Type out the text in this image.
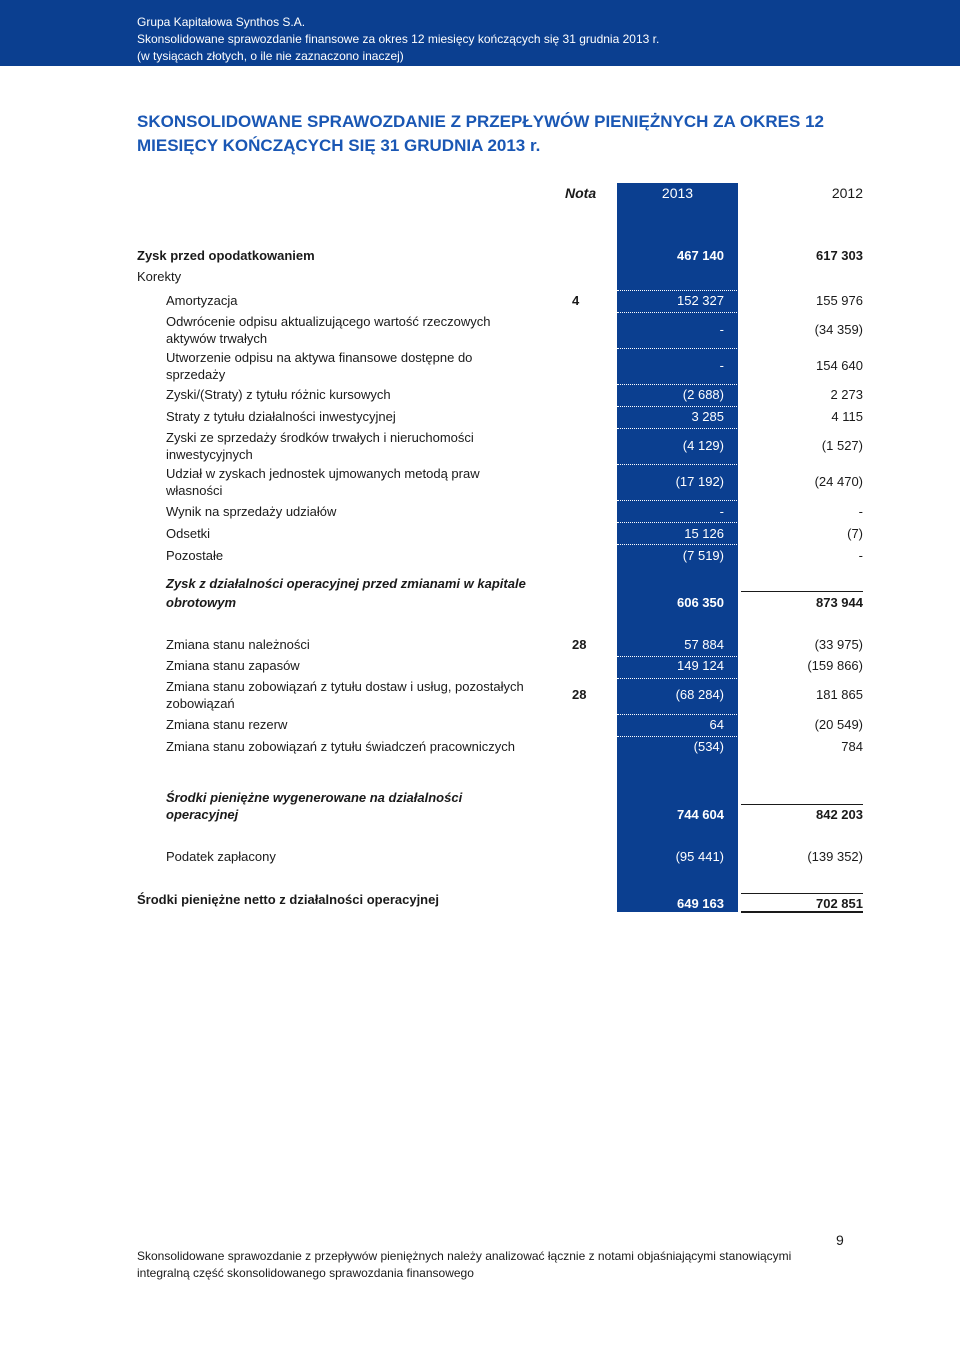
Grupa Kapitałowa Synthos S.A.
Skonsolidowane sprawozdanie finansowe za okres 12 miesięcy kończących się 31 grudnia 2013 r.
(w tysiącach złotych, o ile nie zaznaczono inaczej)
SKONSOLIDOWANE SPRAWOZDANIE Z PRZEPŁYWÓW PIENIĘŻNYCH ZA OKRES 12 MIESIĘCY KOŃCZĄCYCH SIĘ 31 GRUDNIA 2013 r.
Nota	2013	2012
Zysk przed opodatkowaniem	467 140	617 303
Korekty
Amortyzacja	4	152 327	155 976
Odwrócenie odpisu aktualizującego wartość rzeczowych
aktywów trwałych
-	(34 359)
Utworzenie odpisu na aktywa finansowe dostępne do
sprzedaży
-	154 640
Zyski/(Straty) z tytułu różnic kursowych	(2 688)	2 273
Straty z tytułu działalności inwestycyjnej	3 285	4 115
Zyski ze sprzedaży środków trwałych i nieruchomości
inwestycyjnych
(4 129)	(1 527)
Udział w zyskach jednostek ujmowanych metodą praw
własności
(17 192)	(24 470)
Wynik na sprzedaży udziałów	-	-
Odsetki	15 126	(7)
Pozostałe	(7 519)	-
Zysk z działalności operacyjnej przed zmianami w kapitale
obrotowym	606 350	873 944
Zmiana stanu należności	28	57 884	(33 975)
Zmiana stanu zapasów	149 124	(159 866)
Zmiana stanu zobowiązań z tytułu dostaw i usług, pozostałych
zobowiązań
28	(68 284)	181 865
Zmiana stanu rezerw	64	(20 549)
Zmiana stanu zobowiązań z tytułu świadczeń pracowniczych	(534)	784
Środki pieniężne wygenerowane na działalności
operacyjnej	744 604	842 203
Podatek zapłacony	(95 441)	(139 352)
Środki pieniężne netto z działalności operacyjnej	649 163	702 851
Skonsolidowane sprawozdanie z przepływów pieniężnych należy analizować łącznie z notami objaśniającymi stanowiącymi
integralną część skonsolidowanego sprawozdania finansowego
9
